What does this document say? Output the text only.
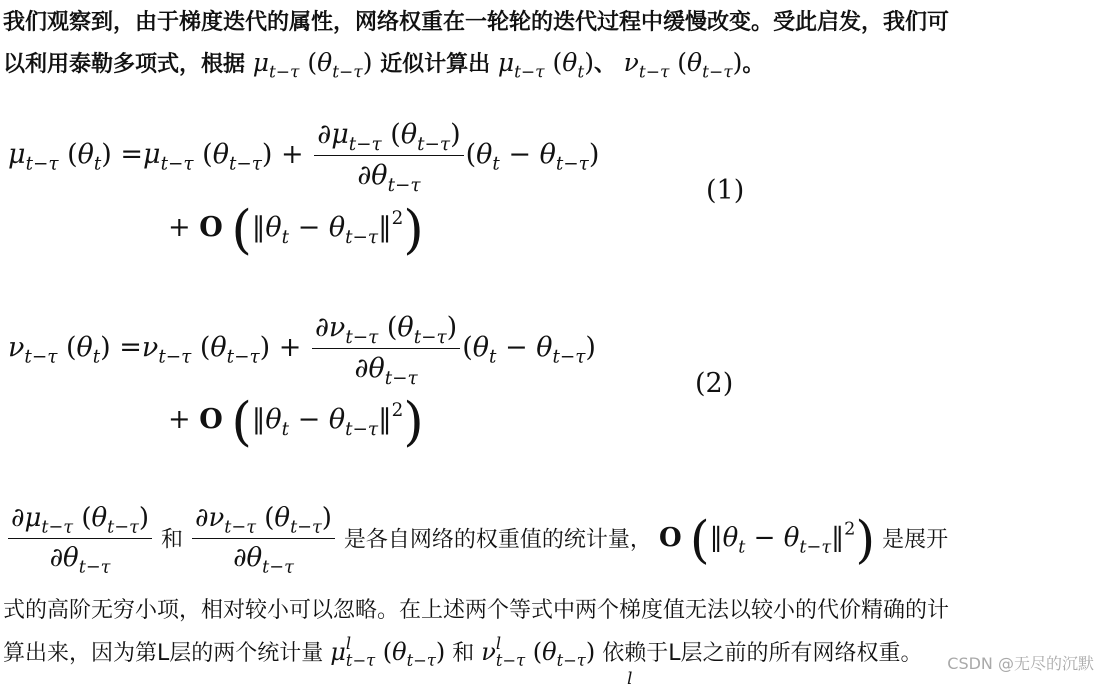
我们观察到，由于梯度迭代的属性，网络权重在一轮轮的迭代过程中缓慢改变。受此启发，我们可
以利用泰勒多项式，根据 $\mu_{t-\tau}$ $(\theta_{t-\tau})$ 近似计算出 $\mu_{t-\tau}$ $(\theta_t)$、 $\nu_{t-\tau}$ $(\theta_{t-\tau})$。
$\mu_{t-\tau}$ $(\theta_t) =\mu_{t-\tau}$ $(\theta_{t-\tau}) + \frac{\partial\mu_{t-\tau} (\theta_{t-\tau})}{\partial\theta_{t-\tau}} (\theta_t - \theta_{t-\tau})$
+ O ($‖\theta_t$ − $\theta_{t-\tau}‖^2$)
(1)
$\nu_{t-\tau}$ $(\theta_t) =\nu_{t-\tau}$ $(\theta_{t-\tau}) + \frac{\partial\nu_{t-\tau} (\theta_{t-\tau})}{\partial\theta_{t-\tau}} (\theta_t - \theta_{t-\tau})$
+ O ($‖\theta_t$ − $\theta_{t-\tau}‖^2$)
(2)
$\frac{\partial\mu_{t-\tau} (\theta_{t-\tau})}{\partial\theta_{t-\tau}}$ 和 $\frac{\partial\nu_{t-\tau} (\theta_{t-\tau})}{\partial\theta_{t-\tau}}$ 是各自网络的权重值的统计量， O ($‖\theta_t$ − $\theta_{t-\tau}‖^2$) 是展开
式的高阶无穷小项，相对较小可以忽略。在上述两个等式中两个梯度值无法以较小的代价精确的计
算出来，因为第L层的两个统计量 μ l
t−τ $(\theta_{t-\tau})$ 和 ν l
t−τ $(\theta_{t-\tau})$ 依赖于L层之前的所有网络权重。
l
CSDN @无尽的沉默
